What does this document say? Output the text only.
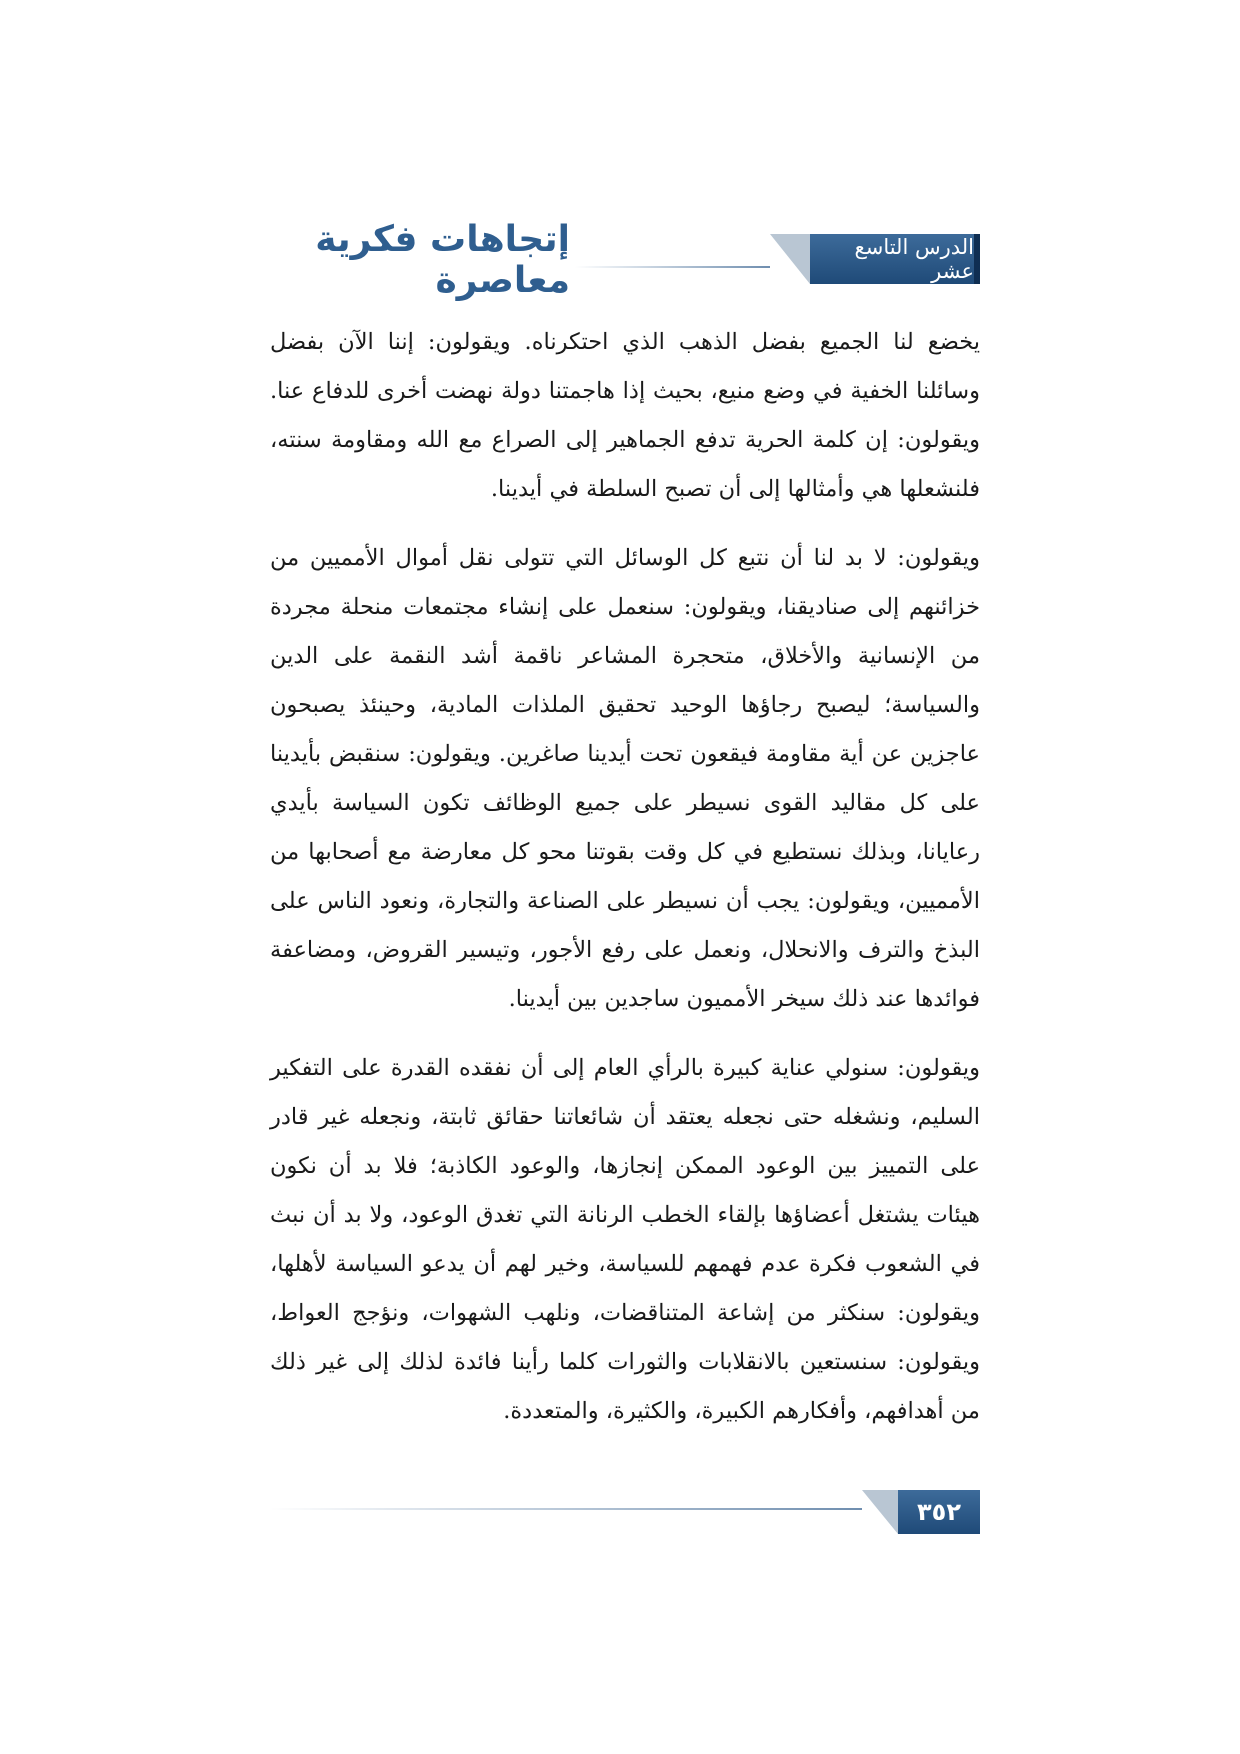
إتجاهات فكرية معاصرة
الدرس التاسع عشر

يخضع لنا الجميع بفضل الذهب الذي احتكرناه. ويقولون: إننا الآن بفضل وسائلنا الخفية في وضع منيع، بحيث إذا هاجمتنا دولة نهضت أخرى للدفاع عنا. ويقولون: إن كلمة الحرية تدفع الجماهير إلى الصراع مع الله ومقاومة سنته، فلنشعلها هي وأمثالها إلى أن تصبح السلطة في أيدينا.

ويقولون: لا بد لنا أن نتبع كل الوسائل التي تتولى نقل أموال الأمميين من خزائنهم إلى صناديقنا، ويقولون: سنعمل على إنشاء مجتمعات منحلة مجردة من الإنسانية والأخلاق، متحجرة المشاعر ناقمة أشد النقمة على الدين والسياسة؛ ليصبح رجاؤها الوحيد تحقيق الملذات المادية، وحينئذ يصبحون عاجزين عن أية مقاومة فيقعون تحت أيدينا صاغرين. ويقولون: سنقبض بأيدينا على كل مقاليد القوى نسيطر على جميع الوظائف تكون السياسة بأيدي رعايانا، وبذلك نستطيع في كل وقت بقوتنا محو كل معارضة مع أصحابها من الأمميين، ويقولون: يجب أن نسيطر على الصناعة والتجارة، ونعود الناس على البذخ والترف والانحلال، ونعمل على رفع الأجور، وتيسير القروض، ومضاعفة فوائدها عند ذلك سيخر الأمميون ساجدين بين أيدينا.

ويقولون: سنولي عناية كبيرة بالرأي العام إلى أن نفقده القدرة على التفكير السليم، ونشغله حتى نجعله يعتقد أن شائعاتنا حقائق ثابتة، ونجعله غير قادر على التمييز بين الوعود الممكن إنجازها، والوعود الكاذبة؛ فلا بد أن نكون هيئات يشتغل أعضاؤها بإلقاء الخطب الرنانة التي تغدق الوعود، ولا بد أن نبث في الشعوب فكرة عدم فهمهم للسياسة، وخير لهم أن يدعو السياسة لأهلها، ويقولون: سنكثر من إشاعة المتناقضات، ونلهب الشهوات، ونؤجج العواط، ويقولون: سنستعين بالانقلابات والثورات كلما رأينا فائدة لذلك إلى غير ذلك من أهدافهم، وأفكارهم الكبيرة، والكثيرة، والمتعددة.

٣٥٢
